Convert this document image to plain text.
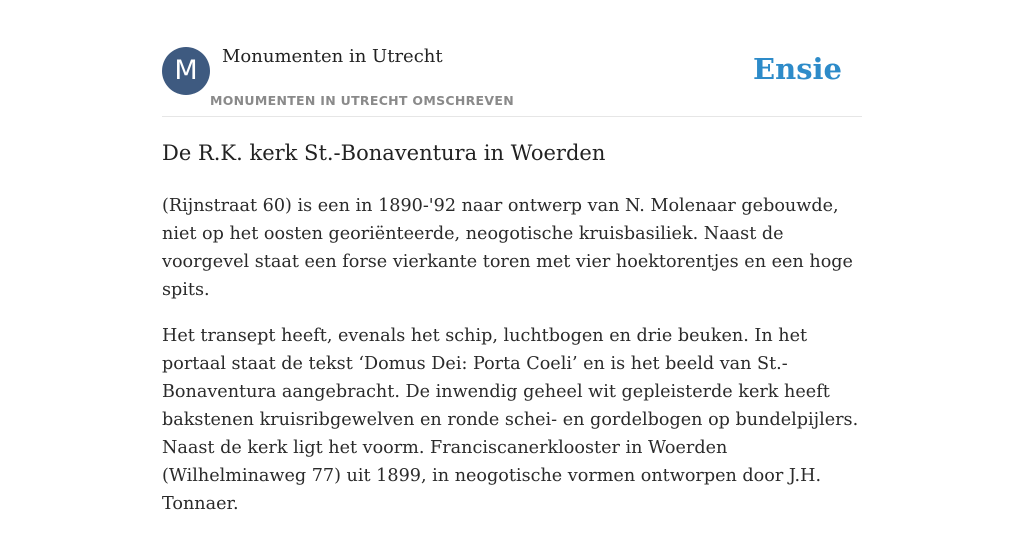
M	Monumenten in Utrecht
MONUMENTEN IN UTRECHT OMSCHREVEN
Ensie
De R.K. kerk St.-Bonaventura in Woerden

(Rijnstraat 60) is een in 1890-'92 naar ontwerp van N. Molenaar gebouwde, niet op het oosten georiënteerde, neogotische kruisbasiliek. Naast de voorgevel staat een forse vierkante toren met vier hoektorentjes en een hoge spits.

Het transept heeft, evenals het schip, luchtbogen en drie beuken. In het portaal staat de tekst ‘Domus Dei: Porta Coeli’ en is het beeld van St.-Bonaventura aangebracht. De inwendig geheel wit gepleisterde kerk heeft bakstenen kruisribgewelven en ronde schei- en gordelbogen op bundelpijlers. Naast de kerk ligt het voorm. Franciscanerklooster in Woerden (Wilhelminaweg 77) uit 1899, in neogotische vormen ontworpen door J.H. Tonnaer.
